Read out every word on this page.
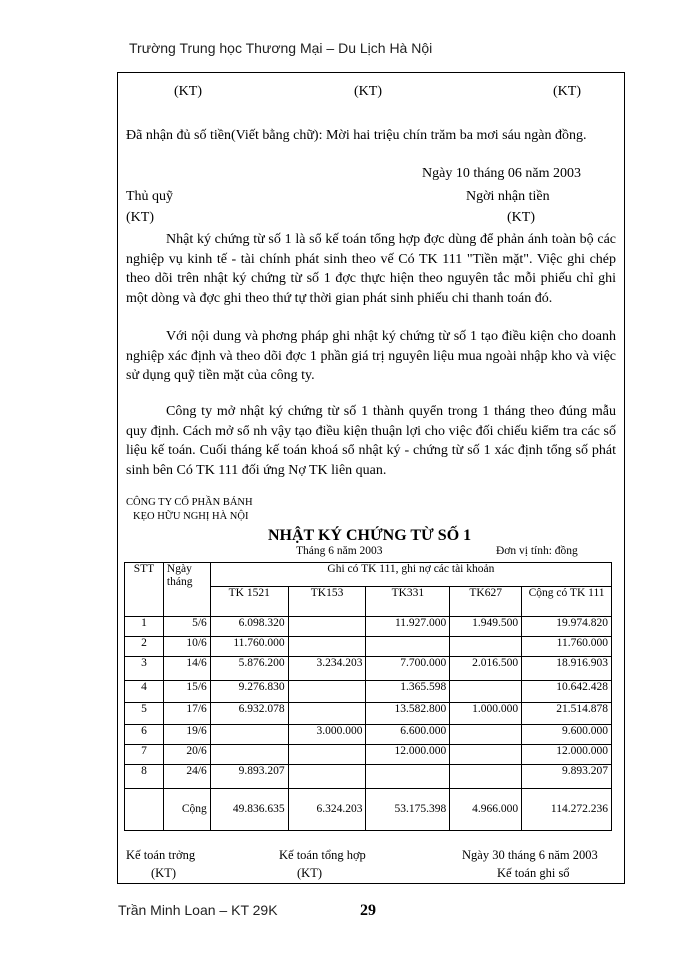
Trường Trung học Thương Mại – Du Lịch Hà Nội
(KT)	(KT)	(KT)
Đã nhận đủ số tiền(Viết bằng chữ): Mời hai triệu chín trăm ba mơi sáu ngàn đồng.
Ngày 10 tháng 06 năm 2003
Thủ quỹ	Ngời nhận tiền
(KT)	(KT)
Nhật ký chứng từ số 1 là sổ kế toán tổng hợp đợc dùng để phản ánh toàn bộ các nghiệp vụ kinh tế - tài chính phát sinh theo vế Có TK 111 "Tiền mặt". Việc ghi chép theo dõi trên nhật ký chứng từ số 1 đợc thực hiện theo nguyên tắc mỗi phiếu chỉ ghi một dòng và đợc ghi theo thứ tự thời gian phát sinh phiếu chi thanh toán đó.
Với nội dung và phơng pháp ghi nhật ký chứng từ số 1 tạo điều kiện cho doanh nghiệp xác định và theo dõi đợc 1 phần giá trị nguyên liệu mua ngoài nhập kho và việc sử dụng quỹ tiền mặt của công ty.
Công ty mở nhật ký chứng từ số 1 thành quyển trong 1 tháng theo đúng mẫu quy định. Cách mở sổ nh vậy tạo điều kiện thuận lợi cho việc đối chiếu kiểm tra các số liệu kế toán. Cuối tháng kế toán khoá sổ nhật ký - chứng từ số 1 xác định tổng số phát sinh bên Có TK 111 đối ứng Nợ TK liên quan.
CÔNG TY CỔ PHẦN BÁNH
KẸO HỮU NGHỊ HÀ NỘI
NHẬT KÝ CHỨNG TỪ SỐ 1
Tháng 6 năm 2003	Đơn vị tính: đồng
STT	Ngày tháng	Ghi có TK 111, ghi nợ các tài khoản				
		TK 1521	TK153	TK331	TK627	Cộng có TK 111
1	5/6	6.098.320		11.927.000	1.949.500	19.974.820
2	10/6	11.760.000				11.760.000
3	14/6	5.876.200	3.234.203	7.700.000	2.016.500	18.916.903
4	15/6	9.276.830		1.365.598		10.642.428
5	17/6	6.932.078		13.582.800	1.000.000	21.514.878
6	19/6		3.000.000	6.600.000		9.600.000
7	20/6			12.000.000		12.000.000
8	24/6	9.893.207				9.893.207
	Cộng	49.836.635	6.324.203	53.175.398	4.966.000	114.272.236
Kế toán trởng	Kế toán tổng hợp	Ngày 30 tháng 6 năm 2003
(KT)	(KT)	Kế toán ghi sổ
Trần Minh Loan – KT 29K	29
